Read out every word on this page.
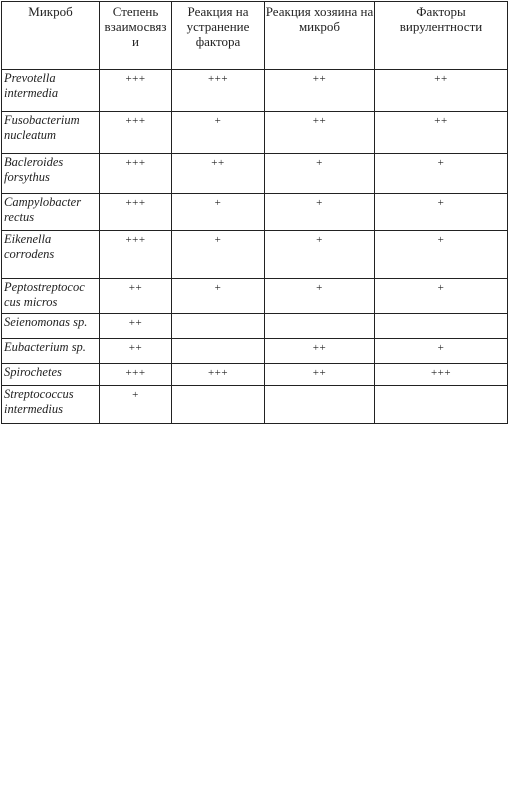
Микроб	Степень взаимосвяз и	Реакция на устранение фактора	Реакция хозяина на микроб	Факторы вирулентности
Prevotella intermedia	+++	+++	++	++
Fusobacterium nucleatum	+++	+	++	++
Bacleroides forsythus	+++	++	+	+
Campylobacter rectus	+++	+	+	+
Eikenella corrodens	+++	+	+	+
Peptostreptococ cus micros	++	+	+	+
Seienomonas sp.	++			
Eubacterium sp.	++		++	+
Spirochetes	+++	+++	++	+++
Streptococcus intermedius	+			
